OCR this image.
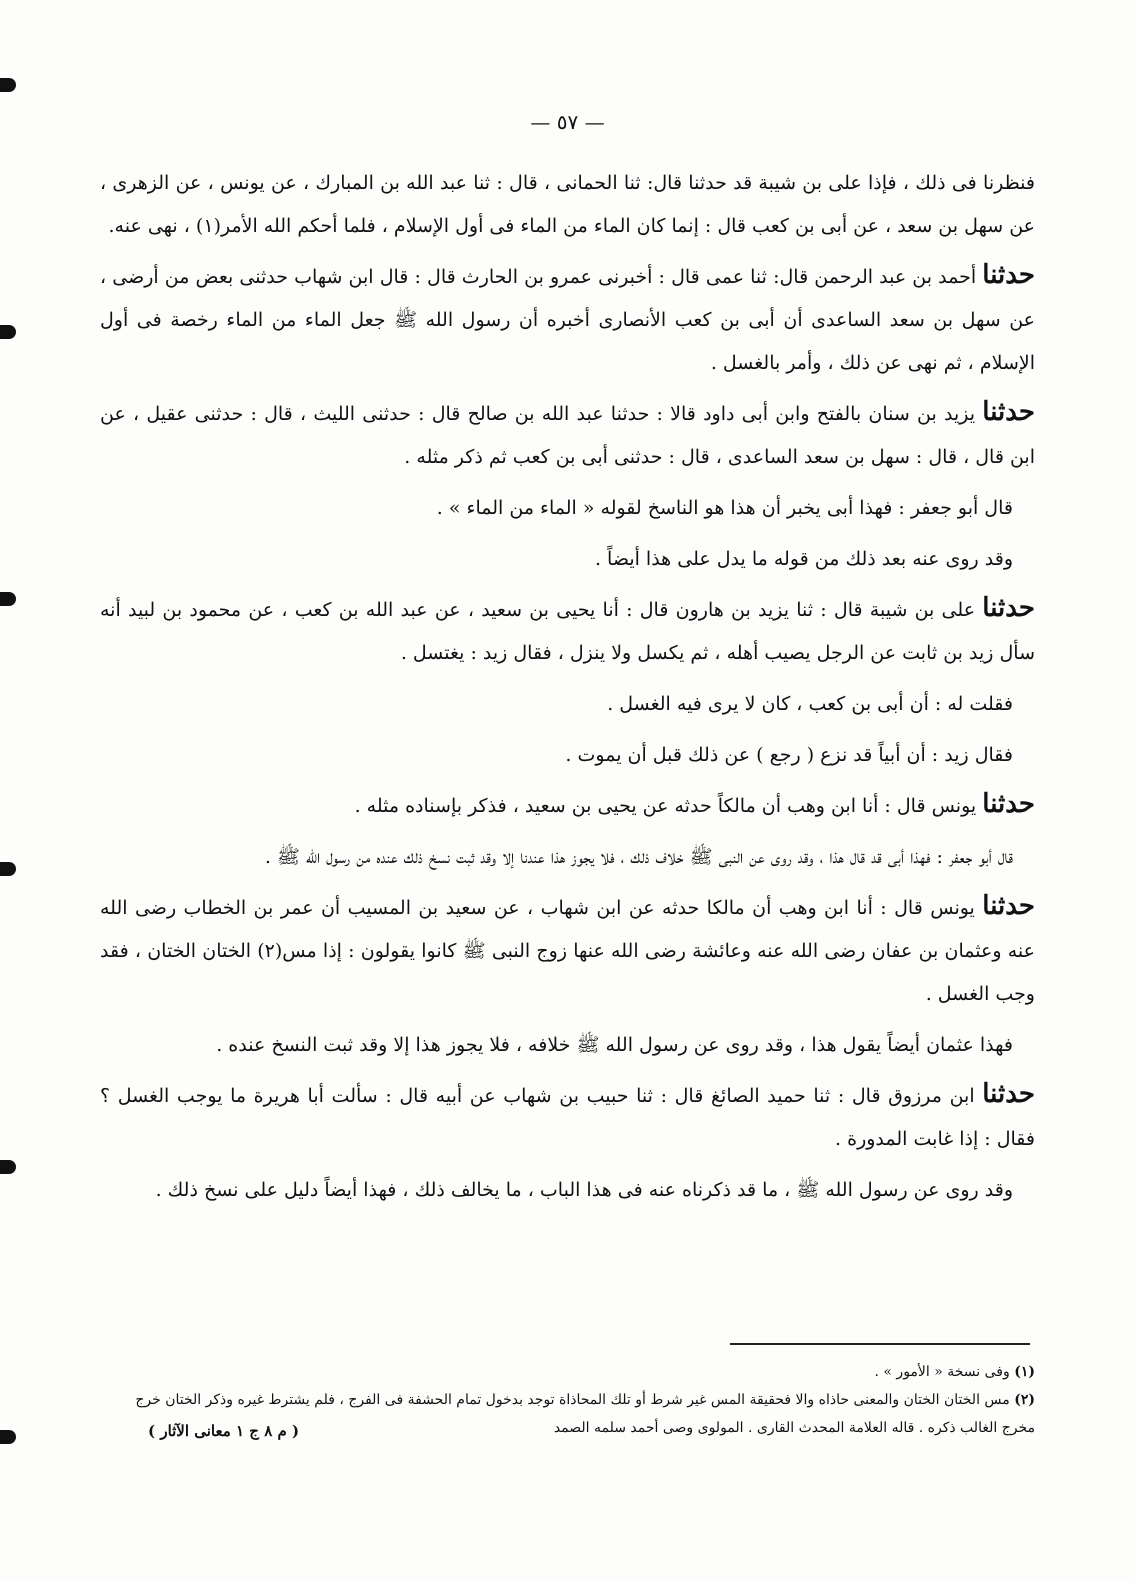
— ٥٧ —

فنظرنا فى ذلك ، فإذا على بن شيبة قد حدثنا قال: ثنا الحمانى ، قال : ثنا عبد الله بن المبارك ، عن يونس ، عن الزهرى ، عن سهل بن سعد ، عن أبى بن كعب قال : إنما كان الماء من الماء فى أول الإسلام ، فلما أحكم الله الأمر(١) ، نهى عنه.

حدثنا أحمد بن عبد الرحمن قال: ثنا عمى قال : أخبرنى عمرو بن الحارث قال : قال ابن شهاب حدثنى بعض من أرضى ، عن سهل بن سعد الساعدى أن أبى بن كعب الأنصارى أخبره أن رسول الله ﷺ جعل الماء من الماء رخصة فى أول الإسلام ، ثم نهى عن ذلك ، وأمر بالغسل .

حدثنا يزيد بن سنان بالفتح وابن أبى داود قالا : حدثنا عبد الله بن صالح قال : حدثنى الليث ، قال : حدثنى عقيل ، عن ابن قال ، قال : سهل بن سعد الساعدى ، قال : حدثنى أبى بن كعب ثم ذكر مثله .

قال أبو جعفر : فهذا أبى يخبر أن هذا هو الناسخ لقوله « الماء من الماء » .

وقد روى عنه بعد ذلك من قوله ما يدل على هذا أيضاً .

حدثنا على بن شيبة قال : ثنا يزيد بن هارون قال : أنا يحيى بن سعيد ، عن عبد الله بن كعب ، عن محمود بن لبيد أنه سأل زيد بن ثابت عن الرجل يصيب أهله ، ثم يكسل ولا ينزل ، فقال زيد : يغتسل .

فقلت له : أن أبى بن كعب ، كان لا يرى فيه الغسل .

فقال زيد : أن أبياً قد نزع ( رجع ) عن ذلك قبل أن يموت .

حدثنا يونس قال : أنا ابن وهب أن مالكاً حدثه عن يحيى بن سعيد ، فذكر بإسناده مثله .

قال أبو جعفر : فهذا أبى قد قال هذا ، وقد روى عن النبى ﷺ خلاف ذلك ، فلا يجوز هذا عندنا إلا وقد ثبت نسخ ذلك عنده من رسول الله ﷺ .

حدثنا يونس قال : أنا ابن وهب أن مالكا حدثه عن ابن شهاب ، عن سعيد بن المسيب أن عمر بن الخطاب رضى الله عنه وعثمان بن عفان رضى الله عنه وعائشة رضى الله عنها زوج النبى ﷺ كانوا يقولون : إذا مس(٢) الختان الختان ، فقد وجب الغسل .

فهذا عثمان أيضاً يقول هذا ، وقد روى عن رسول الله ﷺ خلافه ، فلا يجوز هذا إلا وقد ثبت النسخ عنده .

حدثنا ابن مرزوق قال : ثنا حميد الصائغ قال : ثنا حبيب بن شهاب عن أبيه قال : سألت أبا هريرة ما يوجب الغسل ؟ فقال : إذا غابت المدورة .

وقد روى عن رسول الله ﷺ ، ما قد ذكرناه عنه فى هذا الباب ، ما يخالف ذلك ، فهذا أيضاً دليل على نسخ ذلك .

(١) وفى نسخة « الأمور » .

(٢) مس الختان الختان والمعنى حاذاه والا فحقيقة المس غير شرط أو تلك المحاذاة توجد بدخول تمام الحشفة فى الفرج ، فلم يشترط غيره وذكر الختان خرج مخرج الغالب ذكره . قاله العلامة المحدث القارى . المولوى وصى أحمد سلمه الصمد

( م ٨ ج ١ معانى الآثار )
